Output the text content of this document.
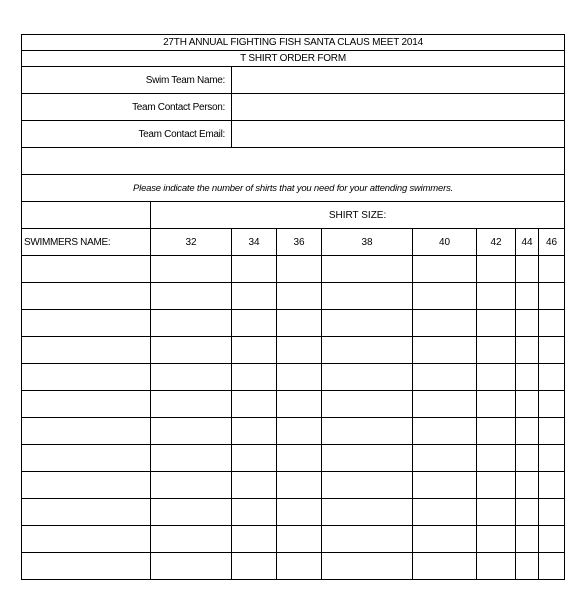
27TH ANNUAL FIGHTING FISH SANTA CLAUS MEET 2014								
T SHIRT ORDER FORM								
Swim Team Name:								
Team Contact Person:								
Team Contact Email:								

Please indicate the number of shirts that you need for your attending swimmers.								
	SHIRT SIZE:							
SWIMMERS NAME:	32	34	36	38	40	42	44	46
